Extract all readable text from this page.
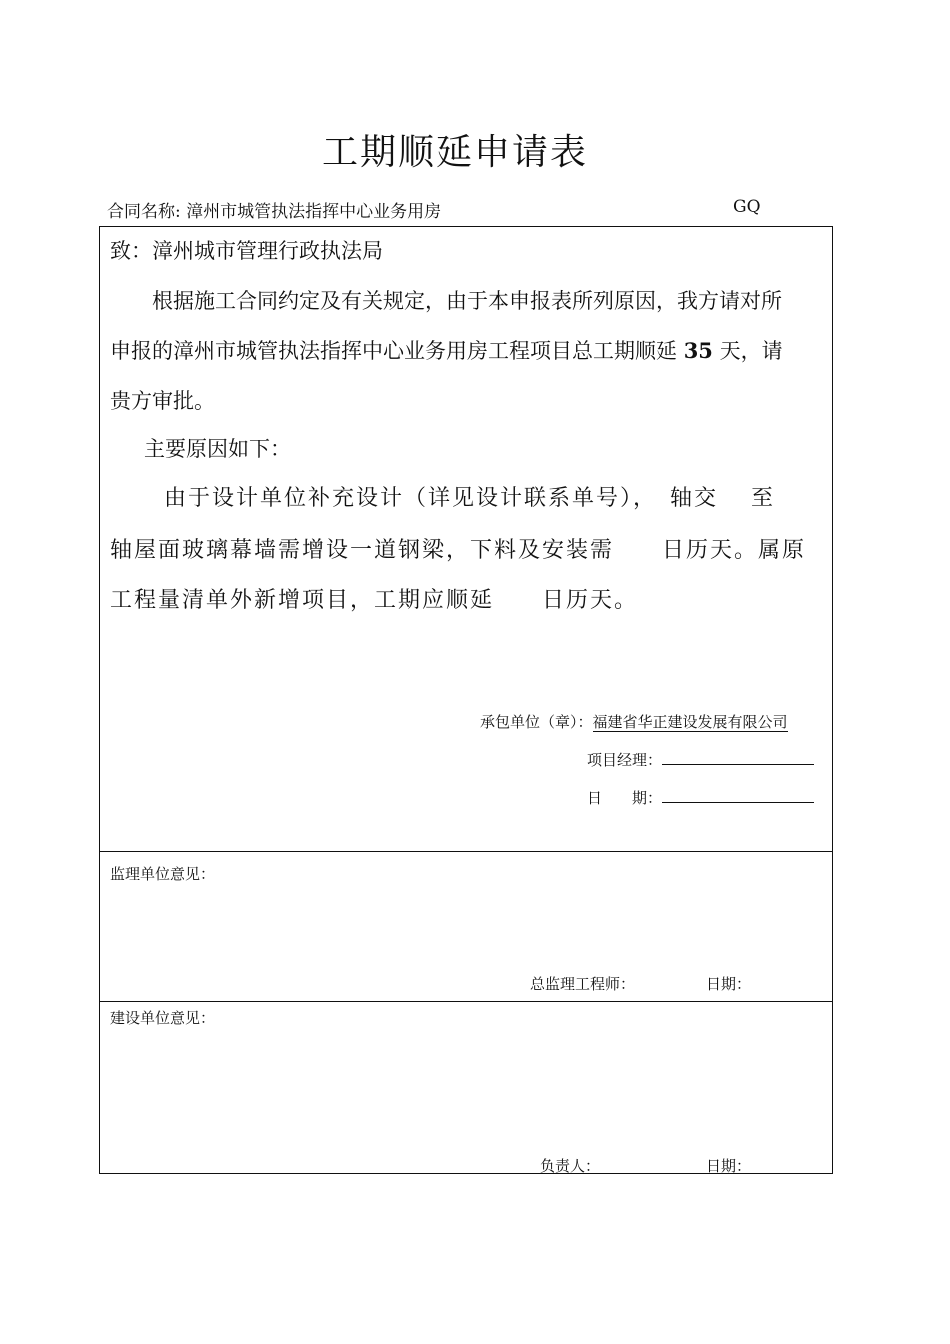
工期顺延申请表
合同名称: 漳州市城管执法指挥中心业务用房	GQ
致：漳州城市管理行政执法局
根据施工合同约定及有关规定，由于本申报表所列原因，我方请对所
申报的漳州市城管执法指挥中心业务用房工程项目总工期顺延 35 天，请
贵方审批。
主要原因如下：
由于设计单位补充设计（详见设计联系单号），　轴交　 至
轴屋面玻璃幕墙需增设一道钢梁，下料及安装需　　日历天。属原
工程量清单外新增项目，工期应顺延　　日历天。
承包单位（章）：福建省华正建设发展有限公司
项目经理：
日　　期：
监理单位意见：
总监理工程师：	日期：
建设单位意见：
负责人：	日期：
